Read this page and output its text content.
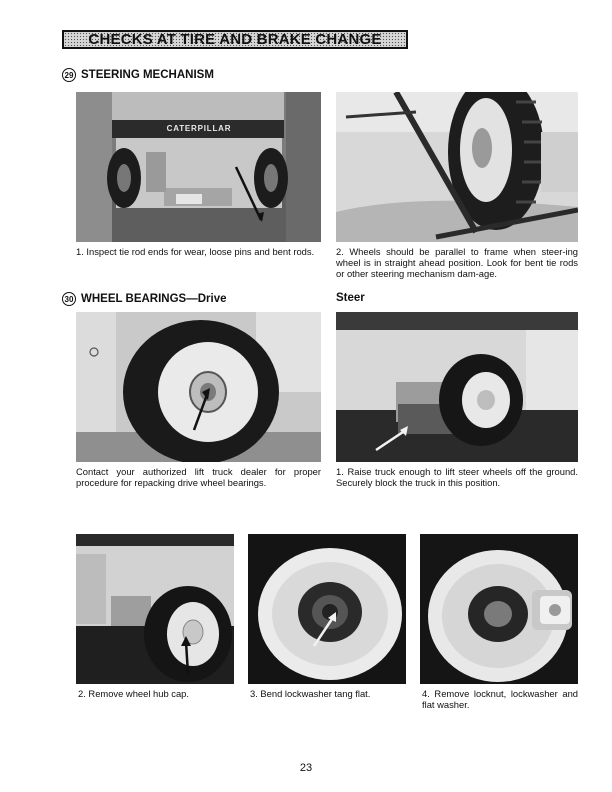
CHECKS AT TIRE AND BRAKE CHANGE
29 STEERING MECHANISM
CATERPILLAR
1. Inspect tie rod ends for wear, loose pins and bent rods.	2. Wheels should be parallel to frame when steer-ing wheel is in straight ahead position. Look for bent tie rods or other steering mechanism dam-age.
30 WHEEL BEARINGS—Drive	Steer
Contact your authorized lift truck dealer for proper procedure for repacking drive wheel bearings.
1. Raise truck enough to lift steer wheels off the ground. Securely block the truck in this position.
2. Remove wheel hub cap.	3. Bend lockwasher tang flat.	4. Remove locknut, lockwasher and flat washer.
23
